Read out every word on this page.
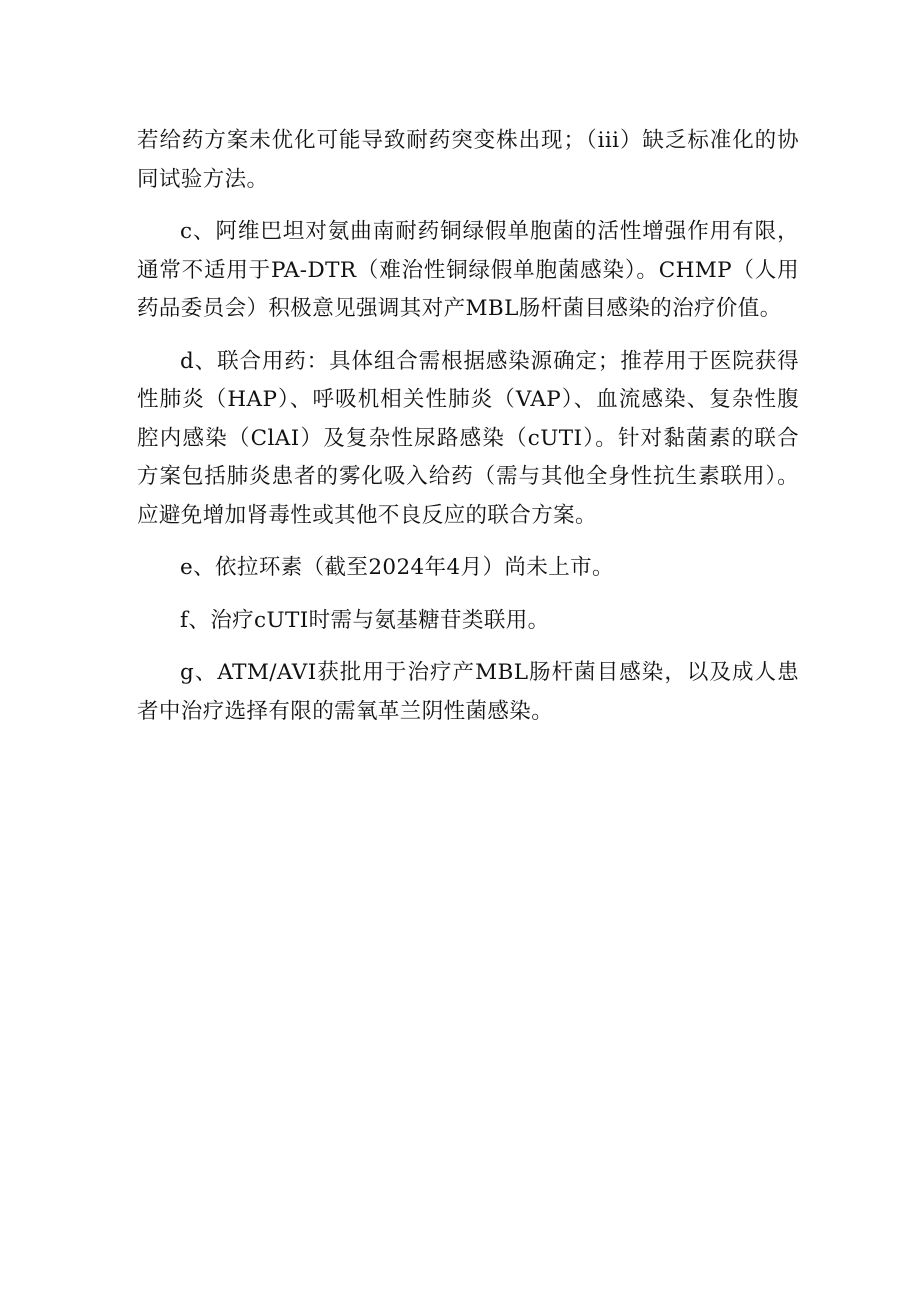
若给药方案未优化可能导致耐药突变株出现；（iii）缺乏标准化的协同试验方法。

c、阿维巴坦对氨曲南耐药铜绿假单胞菌的活性增强作用有限，通常不适用于PA-DTR（难治性铜绿假单胞菌感染）。CHMP（人用药品委员会）积极意见强调其对产MBL肠杆菌目感染的治疗价值。

d、联合用药：具体组合需根据感染源确定；推荐用于医院获得性肺炎（HAP）、呼吸机相关性肺炎（VAP）、血流感染、复杂性腹腔内感染（ClAI）及复杂性尿路感染（cUTI）。针对黏菌素的联合方案包括肺炎患者的雾化吸入给药（需与其他全身性抗生素联用）。应避免增加肾毒性或其他不良反应的联合方案。

e、依拉环素（截至2024年4月）尚未上市。

f、治疗cUTI时需与氨基糖苷类联用。

g、ATM/AVI获批用于治疗产MBL肠杆菌目感染，以及成人患者中治疗选择有限的需氧革兰阴性菌感染。
